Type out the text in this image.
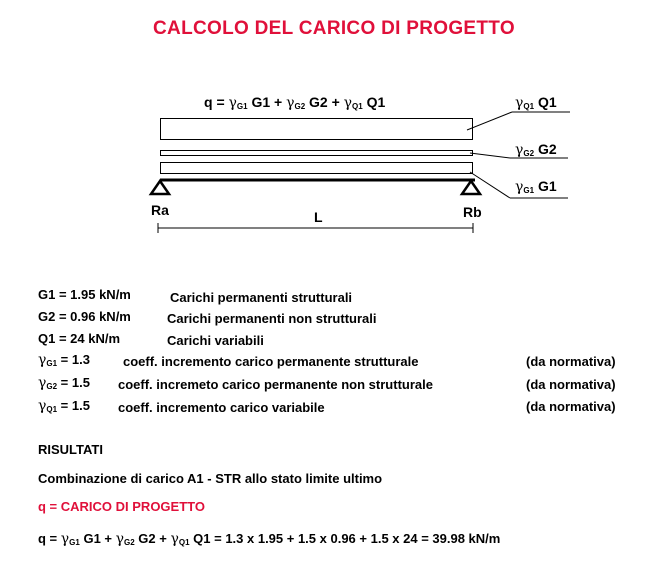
CALCOLO DEL CARICO DI PROGETTO
$q = \gamma_{G1}$ $G1 + \gamma_{G2}$ $G2 + \gamma_{Q1}$ Q1	$\gamma_{Q1}$ Q1
$\gamma_{G2}$ G2
$\gamma_{G1}$ G1
Ra	Rb
L
G1 = 1.95 kN/m	Carichi permanenti strutturali
G2 = 0.96 kN/m	Carichi permanenti non strutturali
Q1 = 24 kN/m	Carichi variabili
$\gamma_{G1} = 1.3$	coeff. incremento carico permanente strutturale	(da normativa)
$\gamma_{G2} = 1.5$ coeff. incremeto carico permanente non strutturale	(da normativa)
$\gamma_{Q1} = 1.5$ coeff. incremento carico variabile	(da normativa)
RISULTATI
Combinazione di carico A1 - STR allo stato limite ultimo
q = CARICO DI PROGETTO
$q = \gamma_{G1}$ $G1 + \gamma_{G2}$ $G2 + \gamma_{Q1}$ Q1 = 1.3 x 1.95 + 1.5 x 0.96 + 1.5 x 24 = 39.98 kN/m
